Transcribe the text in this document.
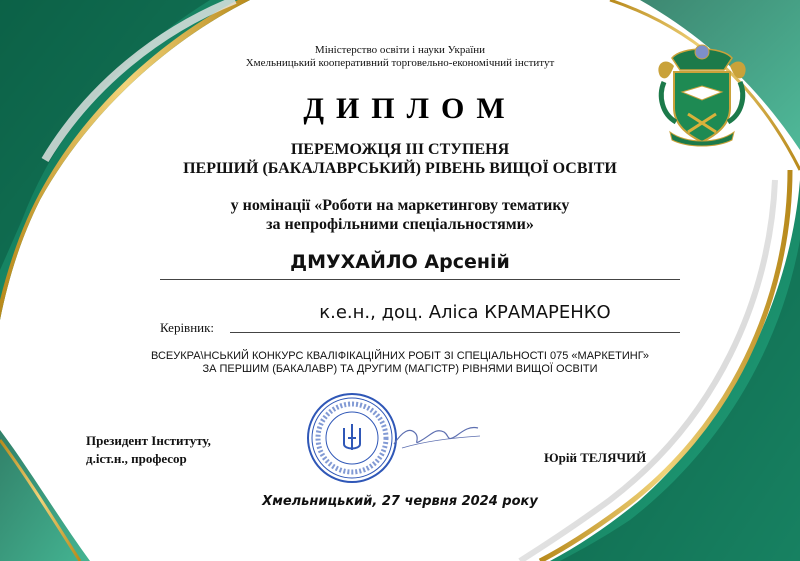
Міністерство освіти і науки України
Хмельницький кооперативний торговельно-економічний інститут
ДИПЛОМ
ПЕРЕМОЖЦЯ ІІІ СТУПЕНЯ
ПЕРШИЙ (БАКАЛАВРСЬКИЙ) РІВЕНЬ ВИЩОЇ ОСВІТИ
у номінації «Роботи на маркетингову тематику
за непрофільними спеціальностями»
ДМУХАЙЛО Арсеній
к.е.н., доц. Аліса КРАМАРЕНКО
Керівник:
ВСЕУКРА\НСЬКИЙ КОНКУРС КВАЛІФІКАЦІЙНИХ РОБІТ ЗІ СПЕЦІАЛЬНОСТІ 075 «МАРКЕТИНГ»
ЗА ПЕРШИМ (БАКАЛАВР) ТА ДРУГИМ (МАГІСТР) РІВНЯМИ ВИЩОЇ ОСВІТИ
Президент Інституту,
д.іст.н., професор	Юрій ТЕЛЯЧИЙ
Хмельницький, 27 червня 2024 року
